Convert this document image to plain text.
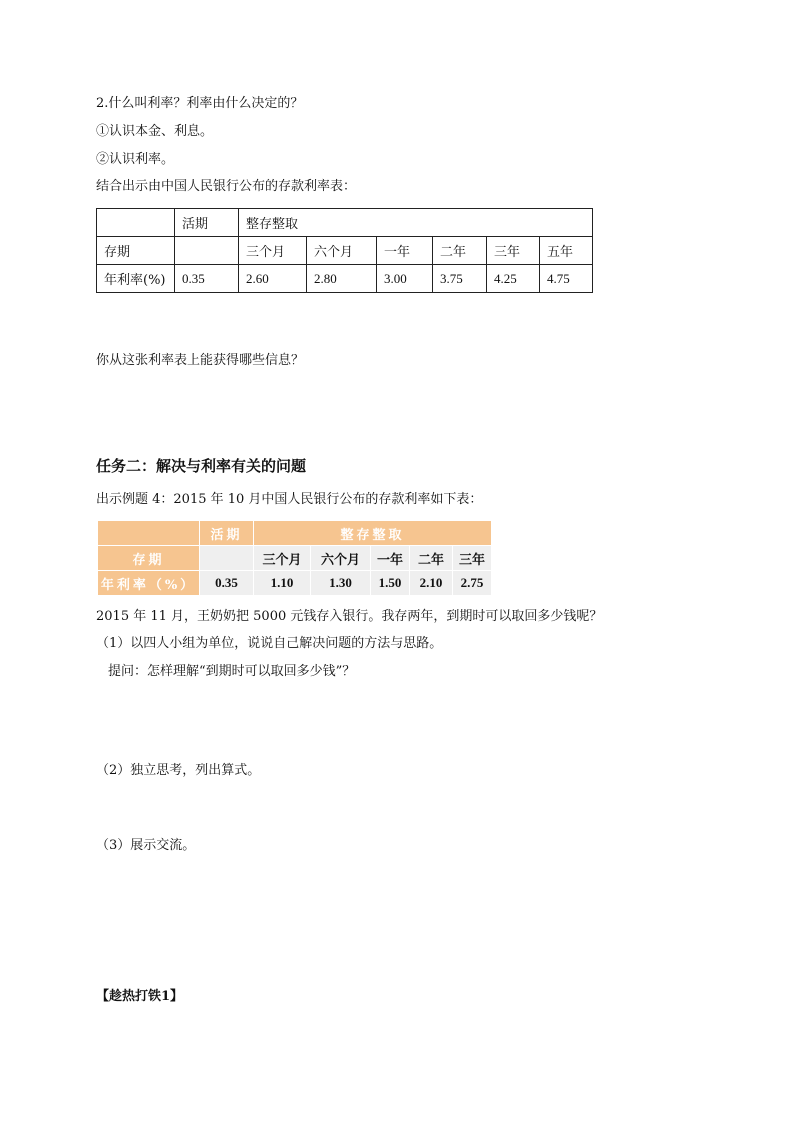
2.什么叫利率？利率由什么决定的？
①认识本金、利息。
②认识利率。
结合出示由中国人民银行公布的存款利率表：
	活期	整存整取					
存期		三个月	六个月	一年	二年	三年	五年
年利率(%)	0.35	2.60	2.80	3.00	3.75	4.25	4.75
你从这张利率表上能获得哪些信息？
任务二：解决与利率有关的问题
出示例题 4：2015 年 10 月中国人民银行公布的存款利率如下表：
	活期	整存整取				
存期		三个月	六个月	一年	二年	三年
年利率（%）	0.35	1.10	1.30	1.50	2.10	2.75
2015 年 11 月，王奶奶把 5000 元钱存入银行。我存两年，到期时可以取回多少钱呢？
（1）以四人小组为单位，说说自己解决问题的方法与思路。
提问：怎样理解“到期时可以取回多少钱”？
（2）独立思考，列出算式。
（3）展示交流。
【趁热打铁1】
